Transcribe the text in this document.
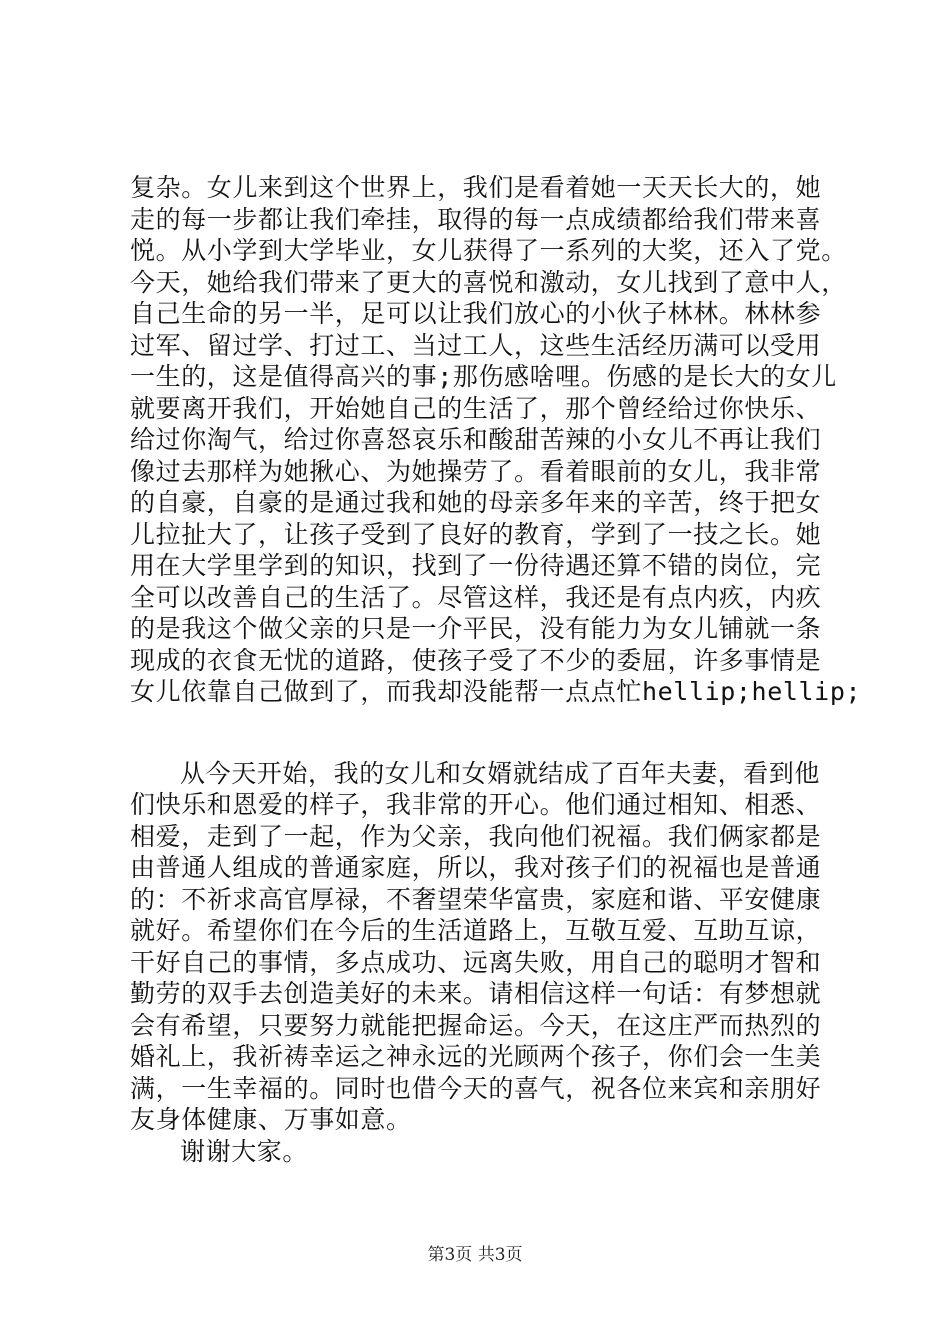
复杂。女儿来到这个世界上，我们是看着她一天天长大的，她
走的每一步都让我们牵挂，取得的每一点成绩都给我们带来喜
悦。从小学到大学毕业，女儿获得了一系列的大奖，还入了党。
今天，她给我们带来了更大的喜悦和激动，女儿找到了意中人，
自己生命的另一半，足可以让我们放心的小伙子林林。林林参
过军、留过学、打过工、当过工人，这些生活经历满可以受用
一生的，这是值得高兴的事;那伤感啥哩。伤感的是长大的女儿
就要离开我们，开始她自己的生活了，那个曾经给过你快乐、
给过你淘气，给过你喜怒哀乐和酸甜苦辣的小女儿不再让我们
像过去那样为她揪心、为她操劳了。看着眼前的女儿，我非常
的自豪，自豪的是通过我和她的母亲多年来的辛苦，终于把女
儿拉扯大了，让孩子受到了良好的教育，学到了一技之长。她
用在大学里学到的知识，找到了一份待遇还算不错的岗位，完
全可以改善自己的生活了。尽管这样，我还是有点内疚，内疚
的是我这个做父亲的只是一介平民，没有能力为女儿铺就一条
现成的衣食无忧的道路，使孩子受了不少的委屈，许多事情是
女儿依靠自己做到了，而我却没能帮一点点忙hellip;hellip;
从今天开始，我的女儿和女婿就结成了百年夫妻，看到他
们快乐和恩爱的样子，我非常的开心。他们通过相知、相悉、
相爱，走到了一起，作为父亲，我向他们祝福。我们俩家都是
由普通人组成的普通家庭，所以，我对孩子们的祝福也是普通
的：不祈求高官厚禄，不奢望荣华富贵，家庭和谐、平安健康
就好。希望你们在今后的生活道路上，互敬互爱、互助互谅，
干好自己的事情，多点成功、远离失败，用自己的聪明才智和
勤劳的双手去创造美好的未来。请相信这样一句话：有梦想就
会有希望，只要努力就能把握命运。今天，在这庄严而热烈的
婚礼上，我祈祷幸运之神永远的光顾两个孩子，你们会一生美
满，一生幸福的。同时也借今天的喜气，祝各位来宾和亲朋好
友身体健康、万事如意。
谢谢大家。
第3页 共3页
